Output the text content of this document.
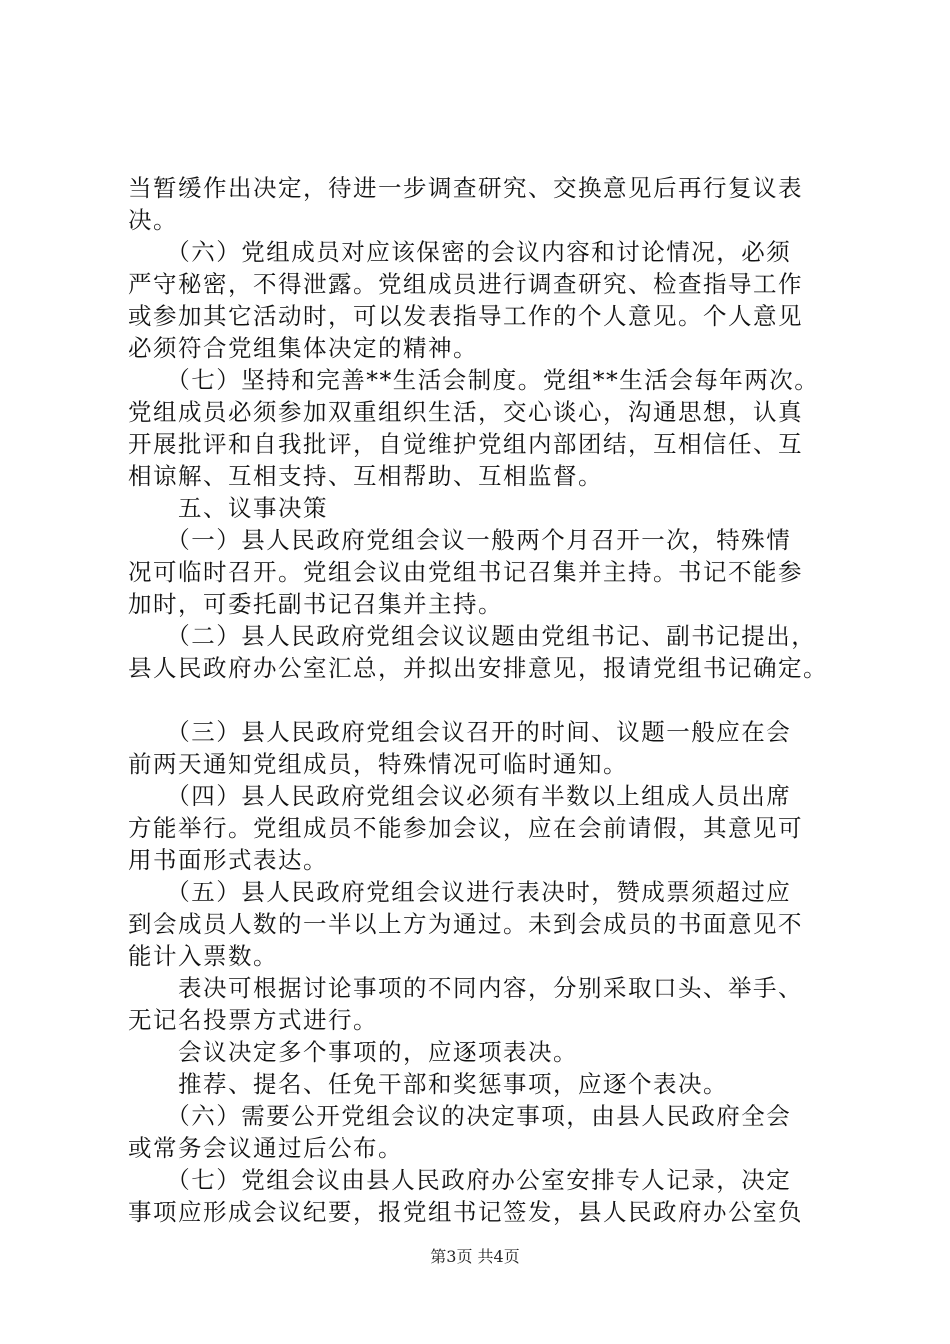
当暂缓作出决定，待进一步调查研究、交换意见后再行复议表

决。

　　（六）党组成员对应该保密的会议内容和讨论情况，必须

严守秘密，不得泄露。党组成员进行调查研究、检查指导工作

或参加其它活动时，可以发表指导工作的个人意见。个人意见

必须符合党组集体决定的精神。

　　（七）坚持和完善**生活会制度。党组**生活会每年两次。

党组成员必须参加双重组织生活，交心谈心，沟通思想，认真

开展批评和自我批评，自觉维护党组内部团结，互相信任、互

相谅解、互相支持、互相帮助、互相监督。

　　五、议事决策

　　（一）县人民政府党组会议一般两个月召开一次，特殊情

况可临时召开。党组会议由党组书记召集并主持。书记不能参

加时，可委托副书记召集并主持。

　　（二）县人民政府党组会议议题由党组书记、副书记提出，

县人民政府办公室汇总，并拟出安排意见，报请党组书记确定。

　　（三）县人民政府党组会议召开的时间、议题一般应在会

前两天通知党组成员，特殊情况可临时通知。

　　（四）县人民政府党组会议必须有半数以上组成人员出席

方能举行。党组成员不能参加会议，应在会前请假，其意见可

用书面形式表达。

　　（五）县人民政府党组会议进行表决时，赞成票须超过应

到会成员人数的一半以上方为通过。未到会成员的书面意见不

能计入票数。

　　表决可根据讨论事项的不同内容，分别采取口头、举手、

无记名投票方式进行。

　　会议决定多个事项的，应逐项表决。

　　推荐、提名、任免干部和奖惩事项，应逐个表决。

　　（六）需要公开党组会议的决定事项，由县人民政府全会

或常务会议通过后公布。

　　（七）党组会议由县人民政府办公室安排专人记录，决定

事项应形成会议纪要，报党组书记签发，县人民政府办公室负

第3页 共4页
